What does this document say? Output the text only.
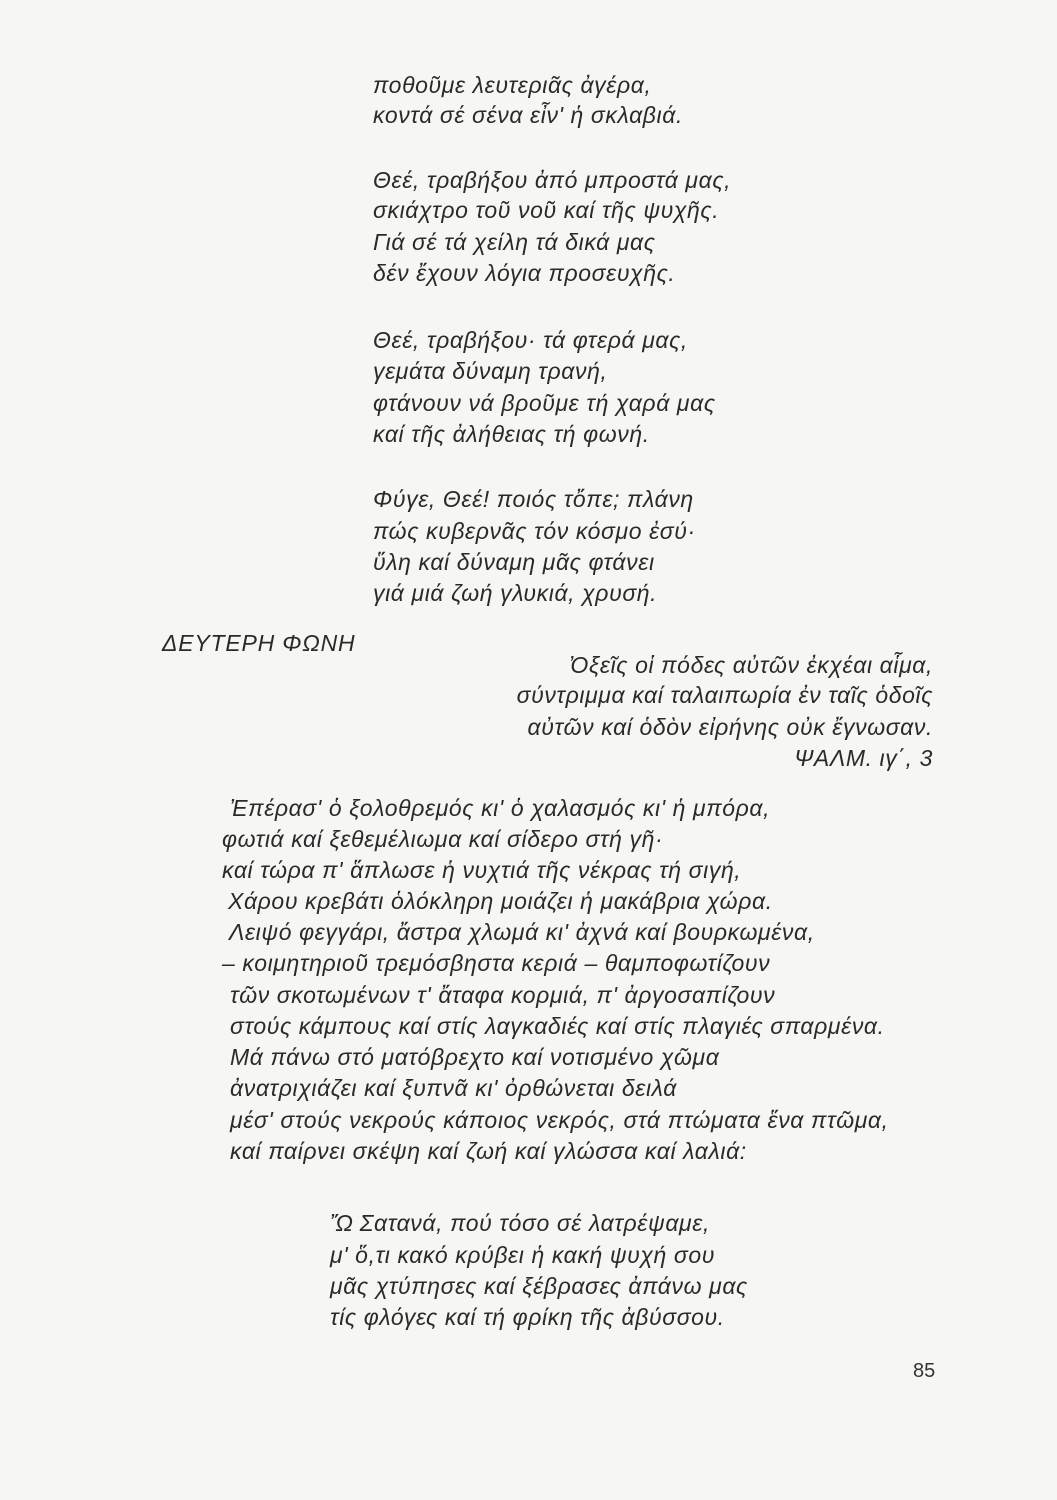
ποθοῦμε λευτεριᾶς ἀγέρα,
κοντά σέ σένα εἶν' ἡ σκλαβιά.
Θεέ, τραβήξου ἀπό μπροστά μας,
σκιάχτρο τοῦ νοῦ καί τῆς ψυχῆς.
Γιά σέ τά χείλη τά δικά μας
δέν ἔχουν λόγια προσευχῆς.
Θεέ, τραβήξου· τά φτερά μας,
γεμάτα δύναμη τρανή,
φτάνουν νά βροῦμε τή χαρά μας
καί τῆς ἀλήθειας τή φωνή.
Φύγε, Θεέ! ποιός τὄπε; πλάνη
πώς κυβερνᾶς τόν κόσμο ἐσύ·
ὕλη καί δύναμη μᾶς φτάνει
γιά μιά ζωή γλυκιά, χρυσή.
ΔΕΥΤΕΡΗ ΦΩΝΗ
Ὀξεῖς οἱ πόδες αὐτῶν ἐκχέαι αἷμα,
σύντριμμα καί ταλαιπωρία ἐν ταῖς ὁδοῖς
αὐτῶν καί ὁδὸν εἰρήνης οὐκ ἔγνωσαν.
ΨΑΛΜ. ιγ΄, 3
Ἐπέρασ' ὁ ξολοθρεμός κι' ὁ χαλασμός κι' ἡ μπόρα,
φωτιά καί ξεθεμέλιωμα καί σίδερο στή γῆ·
καί τώρα π' ἅπλωσε ἡ νυχτιά τῆς νέκρας τή σιγή,
Χάρου κρεβάτι ὁλόκληρη μοιάζει ἡ μακάβρια χώρα.
Λειψό φεγγάρι, ἄστρα χλωμά κι' ἀχνά καί βουρκωμένα,
– κοιμητηριοῦ τρεμόσβηστα κεριά – θαμποφωτίζουν
τῶν σκοτωμένων τ' ἄταφα κορμιά, π' ἀργοσαπίζουν
στούς κάμπους καί στίς λαγκαδιές καί στίς πλαγιές σπαρμένα.
Μά πάνω στό ματόβρεχτο καί νοτισμένο χῶμα
ἀνατριχιάζει καί ξυπνᾶ κι' ὀρθώνεται δειλά
μέσ' στούς νεκρούς κάποιος νεκρός, στά πτώματα ἕνα πτῶμα,
καί παίρνει σκέψη καί ζωή καί γλώσσα καί λαλιά:
Ὤ Σατανά, πού τόσο σέ λατρέψαμε,
μ' ὅ,τι κακό κρύβει ἡ κακή ψυχή σου
μᾶς χτύπησες καί ξέβρασες ἀπάνω μας
τίς φλόγες καί τή φρίκη τῆς ἀβύσσου.
85
